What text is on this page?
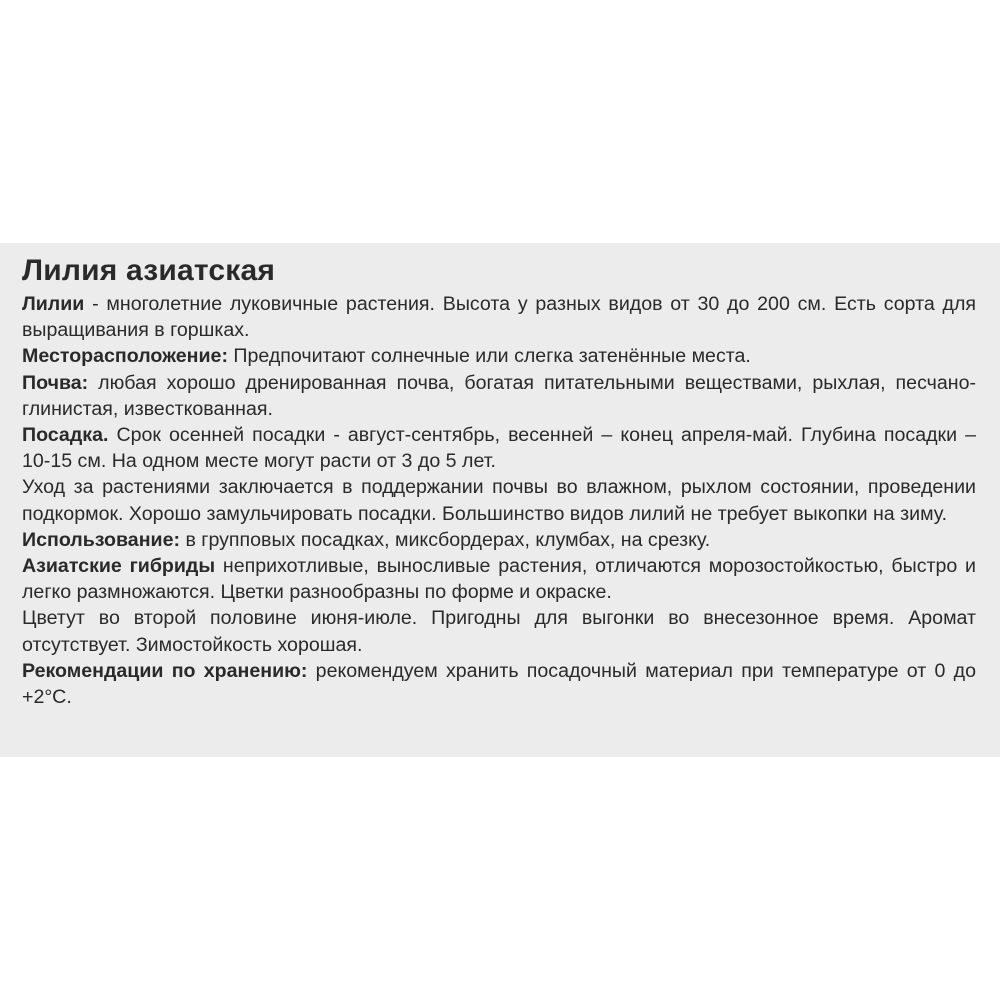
Лилия азиатская

Лилии - многолетние луковичные растения. Высота у разных видов от 30 до 200 см. Есть сорта для выращивания в горшках.

Месторасположение: Предпочитают солнечные или слегка затенённые места.

Почва: любая хорошо дренированная почва, богатая питательными веществами, рыхлая, песчано-глинистая, известкованная.

Посадка. Срок осенней посадки - август-сентябрь, весенней – конец апреля-май. Глубина посадки – 10-15 см. На одном месте могут расти от 3 до 5 лет.

Уход за растениями заключается в поддержании почвы во влажном, рыхлом состоянии, проведении подкормок. Хорошо замульчировать посадки. Большинство видов лилий не требует выкопки на зиму.

Использование: в групповых посадках, миксбордерах, клумбах, на срезку.

Азиатские гибриды неприхотливые, выносливые растения, отличаются морозостойкостью, быстро и легко размножаются. Цветки разнообразны по форме и окраске.

Цветут во второй половине июня-июле. Пригодны для выгонки во внесезонное время. Аромат отсутствует. Зимостойкость хорошая.

Рекомендации по хранению: рекомендуем хранить посадочный материал при температуре от 0 до +2°С.
